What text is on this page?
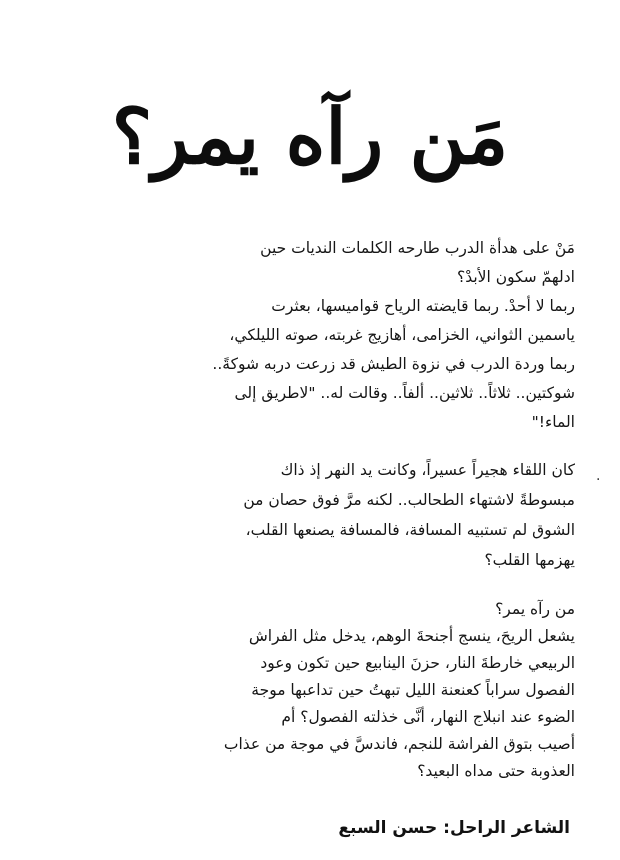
مَن رآه يمر؟
مَنْ على هدأة الدرب طارحه الكلمات النديات حين
ادلهمّ سكون الأبدْ؟
ربما لا أحدْ. ربما قايضته الرياح قواميسها، بعثرت
ياسمين الثواني، الخزامى، أهازيج غربته، صوته الليلكي،
ربما وردة الدرب في نزوة الطيش قد زرعت دربه شوكةً..
شوكتين.. ثلاثاً.. ثلاثين.. ألفاً.. وقالت له.. "لاطريق إلى
الماء!"
.
كان اللقاء هجيراً عسيراً، وكانت يد النهر إذ ذاك
مبسوطةً لاشتهاء الطحالب.. لكنه مرَّ فوق حصان من
الشوق لم تستبيه المسافة، فالمسافة يصنعها القلب،
يهزمها القلب؟
من رآه يمر؟
يشعل الريحَ، ينسج أجنحةَ الوهم، يدخل مثل الفراش
الربيعي خارطةَ النار، حزنَ الينابيع حين تكون وعود
الفصول سراباً كعنعنة الليل تبهتُ حين تداعبها موجة
الضوء عند انبلاج النهار، أنَّى خذلته الفصول؟ أم
أصيب بتوق الفراشة للنجم، فاندسَّ في موجة من عذاب
العذوبة حتى مداه البعيد؟
الشاعر الراحل: حسن السبع
